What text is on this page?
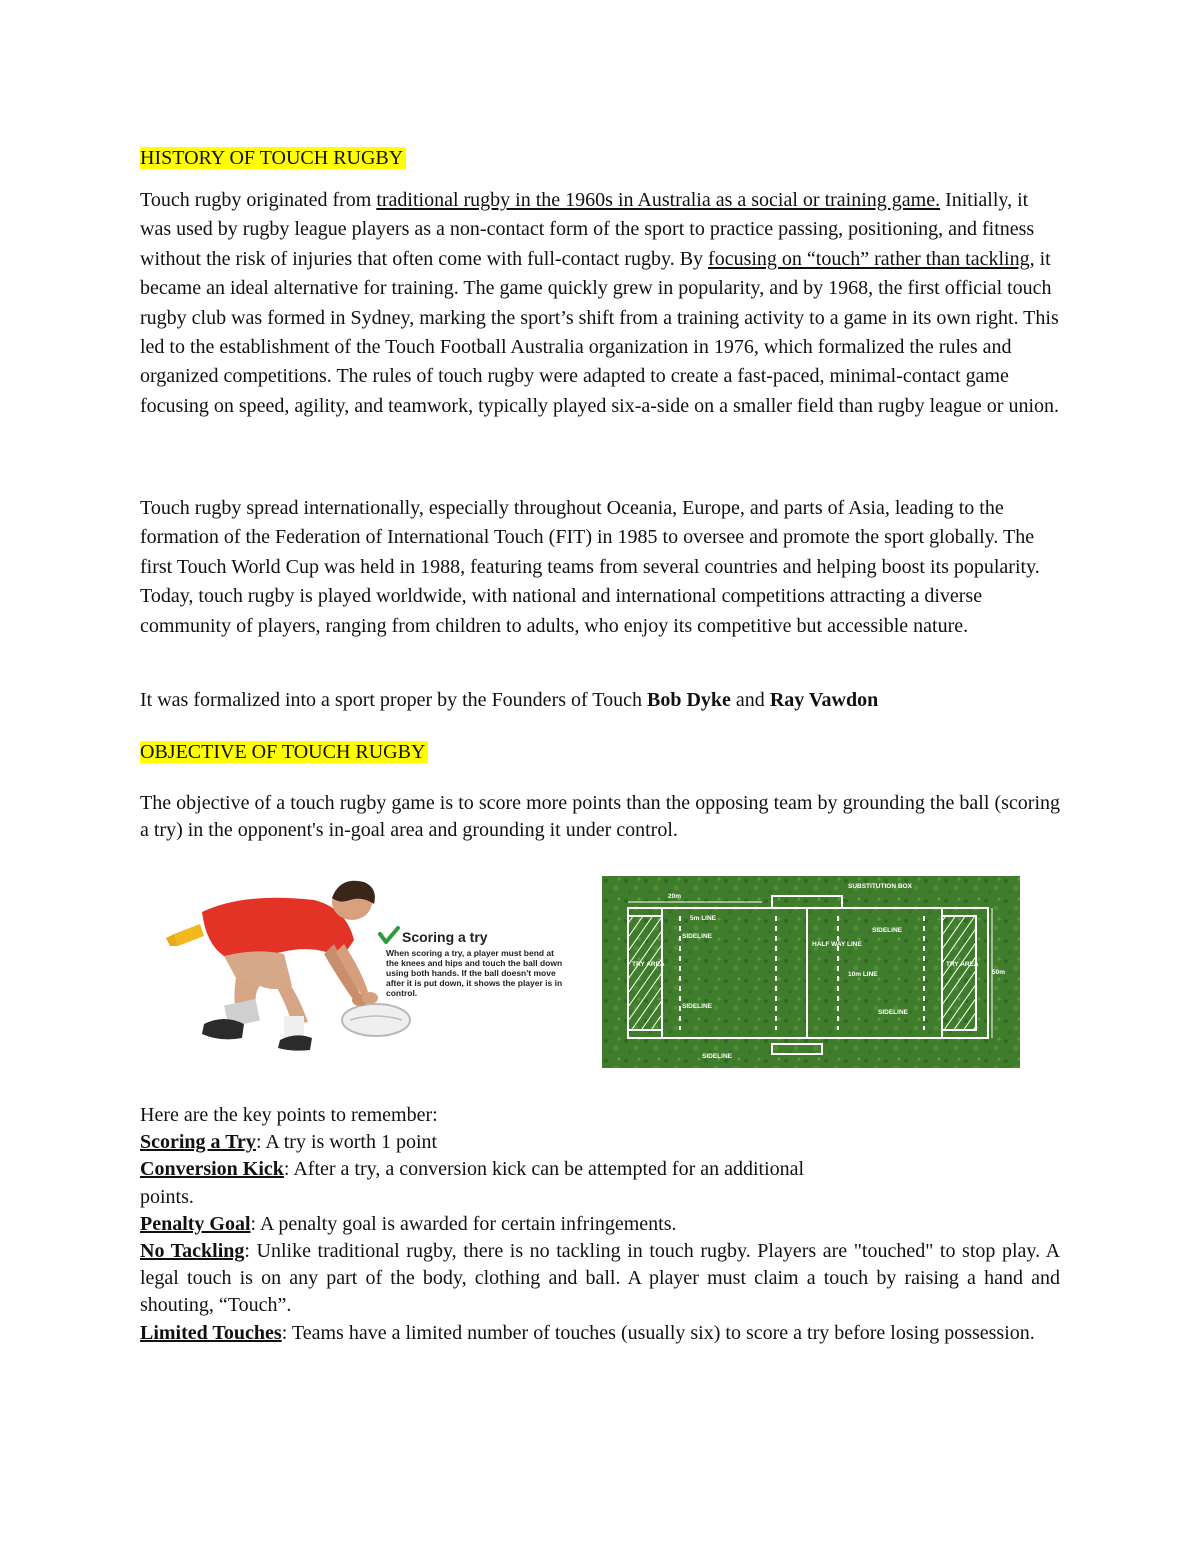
HISTORY OF TOUCH RUGBY

Touch rugby originated from traditional rugby in the 1960s in Australia as a social or training game. Initially, it was used by rugby league players as a non-contact form of the sport to practice passing, positioning, and fitness without the risk of injuries that often come with full-contact rugby. By focusing on “touch” rather than tackling, it became an ideal alternative for training. The game quickly grew in popularity, and by 1968, the first official touch rugby club was formed in Sydney, marking the sport’s shift from a training activity to a game in its own right. This led to the establishment of the Touch Football Australia organization in 1976, which formalized the rules and organized competitions. The rules of touch rugby were adapted to create a fast-paced, minimal-contact game focusing on speed, agility, and teamwork, typically played six-a-side on a smaller field than rugby league or union.

Touch rugby spread internationally, especially throughout Oceania, Europe, and parts of Asia, leading to the formation of the Federation of International Touch (FIT) in 1985 to oversee and promote the sport globally. The first Touch World Cup was held in 1988, featuring teams from several countries and helping boost its popularity. Today, touch rugby is played worldwide, with national and international competitions attracting a diverse community of players, ranging from children to adults, who enjoy its competitive but accessible nature.

It was formalized into a sport proper by the Founders of Touch Bob Dyke and Ray Vawdon

OBJECTIVE OF TOUCH RUGBY

The objective of a touch rugby game is to score more points than the opposing team by grounding the ball (scoring a try) in the opponent's in-goal area and grounding it under control.

Scoring a try
When scoring a try, a player must bend at the knees and hips and touch the ball down using both hands. If the ball doesn't move after it is put down, it shows the player is in control.
20m
SUBSTITUTION BOX
5m LINE
HALF WAY LINE
10m LINE
TRY AREA	TRY AREA
50m
SIDELINE
SIDELINE
SIDELINE
SIDELINE
SIDELINE
Here are the key points to remember:
Scoring a Try: A try is worth 1 point
Conversion Kick: After a try, a conversion kick can be attempted for an additional
points.
Penalty Goal: A penalty goal is awarded for certain infringements.
No Tackling: Unlike traditional rugby, there is no tackling in touch rugby. Players are "touched" to stop play. A legal touch is on any part of the body, clothing and ball. A player must claim a touch by raising a hand and shouting, “Touch”.
Limited Touches: Teams have a limited number of touches (usually six) to score a try before losing possession.
